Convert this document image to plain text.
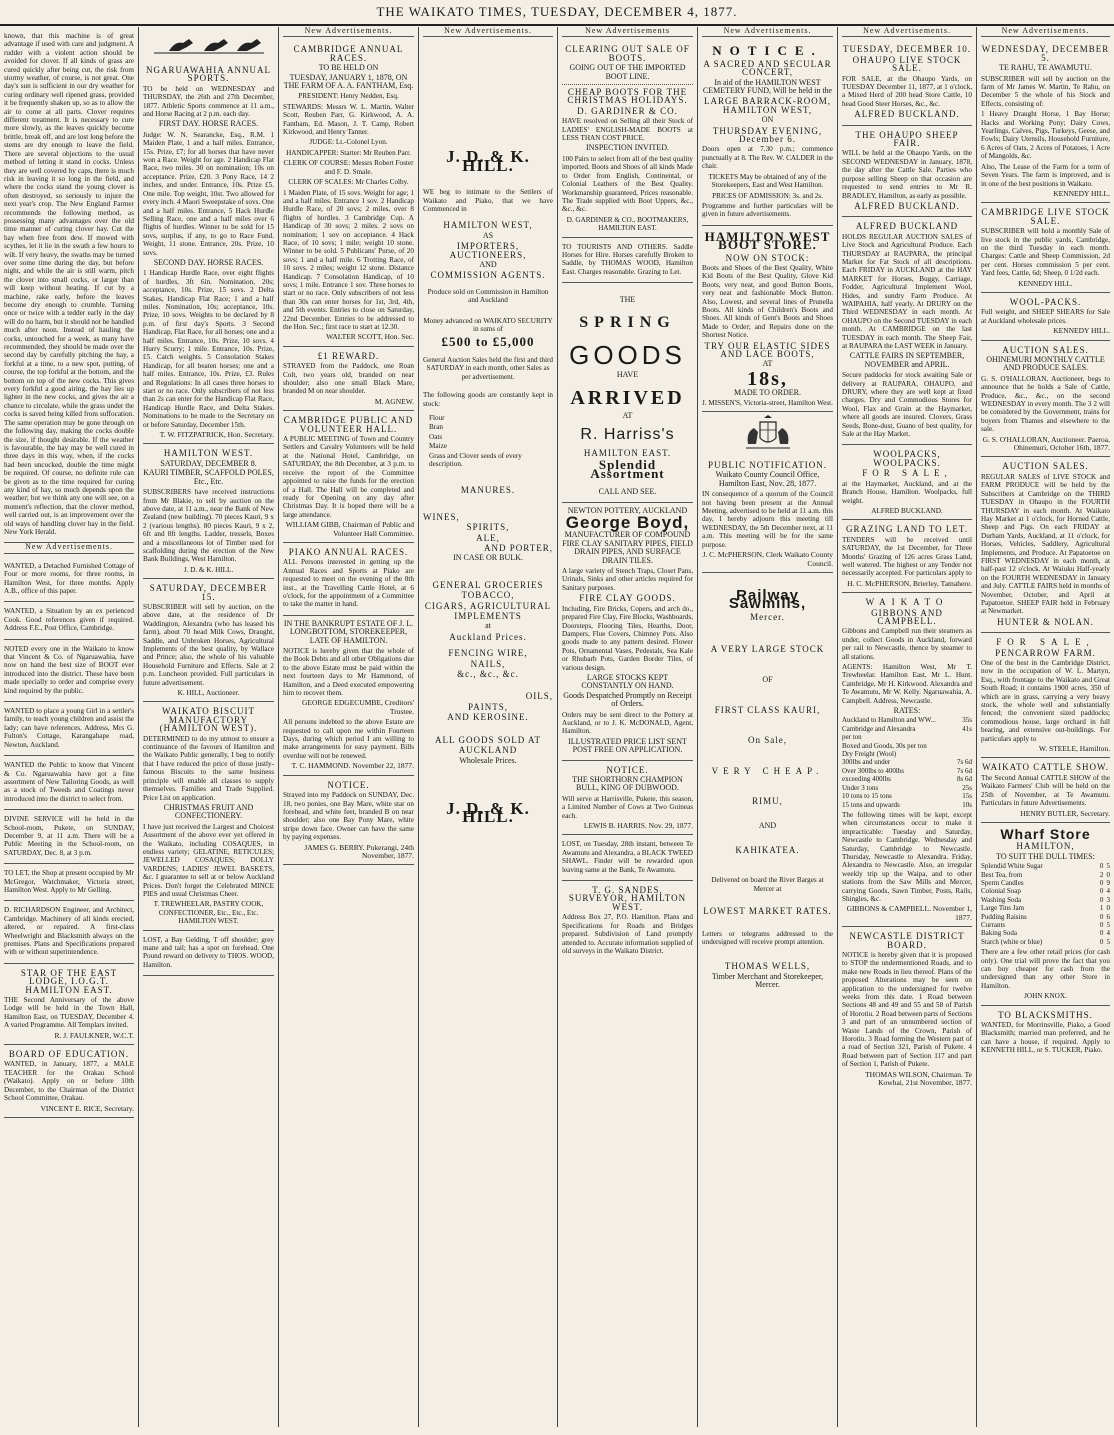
THE WAIKATO TIMES, TUESDAY, DECEMBER 4, 1877.

known, that this machine is of great advantage if used with care and judgment. A rudder with a violent action should be avoided for clover. If all kinds of grass are cured quickly after being cut, the risk from stormy weather, of course, is not great. One day's sun is sufficient in our dry weather for curing ordinary well ripened grass, provided it be frequently shaken up, so as to allow the air to come at all parts. Clover requires different treatment. It is necessary to cure more slowly, as the leaves quickly become brittle, break off, and are lost long before the stems are dry enough to leave the field. There are several objections to the usual method of letting it stand in cocks. Unless they are well covered by caps, there is much risk in leaving it so long in the field, and where the cocks stand the young clover is often destroyed, so seriously to injure the next year's crop. The New England Farmer recommends the following method, as possessing many advantages over the old time manner of curing clover hay. Cut the hay when free from dew. If mowed with scythes, let it lie in the swath a few hours to wilt. If very heavy, the swaths may be turned over some time during the day, but before night, and while the air is still warm, pitch the clover into small cocks, or larger than will keep without heating. If cut by a machine, rake early, before the leaves become dry enough to crumble. Turning once or twice with a tedder early in the day will do no harm, but it should not be handled much after noon. Instead of hauling the cocks, untouched for a week, as many have recommended, they should be made over the second day by carefully pitching the hay, a forkful at a time, to a new spot, putting, of course, the top forkful at the bottom, and the bottom on top of the new cocks. This gives every forkful a good airing, the hay lies up lighter in the new cocks, and gives the air a chance to circulate, while the grass under the cocks is saved being killed from suffocation. The same operation may be gone through on the following day, making the cocks double the size, if thought desirable. If the weather is favourable, the hay may be well cured in three days in this way, when, if the cocks had been uncocked, double the time might be required. Of course, no definite rule can be given as to the time required for curing any kind of hay, so much depends upon the weather; but we think any one will see, on a moment's reflection, that the clover method, well carried out, is an improvement over the old ways of handling clover hay in the field. New York Herald.

New Advertisements.

WANTED, a Detached Furnished Cottage of Four or more rooms, for three rooms, in Hamilton West, for three months. Apply A.B., office of this paper.

WANTED, a Situation by an ex perienced Cook. Good references given if required. Address F.E., Post Office, Cambridge.

NOTED every one in the Waikato to know that Vincent & Co. of Ngaruawahia, have now on hand the best size of BOOT ever introduced into the district. These have been made specially to order and comprise every kind required by the public.

WANTED to place a young Girl in a settler's family, to teach young children and assist the lady; can have references. Address, Mrs G. Fulton's Cottage, Karangahape road, Newton, Auckland.

WANTED the Public to know that Vincent & Co. Ngaruawahia have got a fine assortment of New Tailoring Goods, as well as a stock of Tweeds and Coatings never introduced into the district to select from.

DIVINE SERVICE will be held in the School-room, Pukete, on SUNDAY, December 9, at 11 a.m. There will be a Public Meeting in the School-room, on SATURDAY, Dec. 8, at 3 p.m.

TO LET, the Shop at present occupied by Mr McGregor, Watchmaker, Victoria street, Hamilton West. Apply to Mr Gelling.

D. RICHARDSON Engineer, and Architect, Cambridge. Machinery of all kinds erected, altered, or repaired. A first-class Wheelwright and Blacksmith always on the premises. Plans and Specifications prepared with or without superintendence.

STAR OF THE EAST LODGE, I.O.G.T. HAMILTON EAST.

THE Second Anniversary of the above Lodge will be held in the Town Hall, Hamilton East, on TUESDAY, December 4. A varied Programme. All Templars invited.

R. J. FAULKNER, W.C.T.
BOARD OF EDUCATION.

WANTED, in January, 1877, a MALE TEACHER for the Orakau School (Waikato). Apply on or before 10th December, to the Chairman of the District School Committee, Orakau.

VINCENT E. RICE, Secretary.
NGARUAWAHIA ANNUAL SPORTS.

TO be held on WEDNESDAY and THURSDAY, the 26th and 27th December, 1877. Athletic Sports commence at 11 a.m., and Horse Racing at 2 p.m. each day.

FIRST DAY. HORSE RACES.

Judge: W. N. Searancke, Esq., R.M. 1 Maiden Plate, 1 and a half miles. Entrance, 15s. Prize, £7; for all horses that have never won a Race. Weight for age. 2 Handicap Flat Race, two miles. 30 on nomination; 10s on acceptance. Prize, £20. 3 Pony Race, 14 2 inches, and under. Entrance, 10s. Prize £5. One mile. Top weight, 10st. Two allowed for every inch. 4 Maori Sweepstake of sovs. One and a half miles. Entrance, 5 Hack Hurdle Selling Race, one and a half miles over 6 flights of hurdles. Winner to be sold for 15 sovs, surplus, if any, to go to Race Fund. Weight, 11 stone. Entrance, 20s. Prize, 10 sovs.

SECOND DAY. HORSE RACES.

1 Handicap Hurdle Race, over eight flights of hurdles, 3ft 6in. Nomination, 20s; acceptance, 10s. Prize, 15 sovs. 2 Delta Stakes, Handicap Flat Race; 1 and a half miles. Nomination, 10s; acceptance, 10s. Prize, 10 sovs. Weights to be declared by 8 p.m. of first day's Sports. 3 Second Handicap, Flat Race, for all horses; one and a half miles. Entrance, 10s. Prize, 10 sovs. 4 Hurry Scurry; 1 mile. Entrance, 10s. Prize, £5. Catch weights. 5 Consolation Stakes Handicap, for all beaten horses; one and a half miles. Entrance, 10s. Prize, £3. Rules and Regulations: In all cases three horses to start or no race. Only subscribers of not less than 2s can enter for the Handicap Flat Race, Handicap Hurdle Race, and Delta Stakes. Nominations to be made to the Secretary on or before Saturday, December 15th.

T. W. FITZPATRICK, Hon. Secretary.
HAMILTON WEST.
SATURDAY, DECEMBER 8.
KAURI TIMBER, SCAFFOLD POLES, Etc., Etc.

SUBSCRIBERS have received instructions from Mr Blakie, to sell by auction on the above date, at 11 a.m., near the Bank of New Zealand (new building). 70 pieces Kauri, 9 x 2 (various lengths). 80 pieces Kauri, 9 x 2, 6ft and 8ft lengths. Ladder, tressels, Boxes and a miscellaneous lot of Timber used for scaffolding during the erection of the New Bank Buildings, West Hamilton.

J. D. & K. HILL.
SATURDAY, DECEMBER 15.

SUBSCRIBER will sell by auction, on the above date, at the residence of Dr Waddington, Alexandra (who has leased his farm), about 70 head Milk Cows, Draught, Saddle, and Unbroken Horses, Agricultural Implements of the best quality, by Wallace and Prince; also, the whole of his valuable Household Furniture and Effects. Sale at 2 p.m. Luncheon provided. Full particulars in future advertisement.

K. HILL, Auctioneer.
WAIKATO BISCUIT MANUFACTORY (HAMILTON WEST).

DETERMINED to do my utmost to ensure a continuance of the favours of Hamilton and the Waikato Public generally, I beg to notify that I have reduced the price of those justly-famous Biscuits to the same business principle will enable all classes to supply themselves. Families and Trade Supplied. Price List on application.

CHRISTMAS FRUIT AND CONFECTIONERY.

I have just received the Largest and Choicest Assortment of the above ever yet offered in the Waikato, including COSAQUES, in endless variety; GELATINE, RETICULES; JEWELLED COSAQUES; DOLLY VARDENS; LADIES' JEWEL BASKETS, &c. I guarantee to sell at or below Auckland Prices. Don't forget the Celebrated MINCE PIES and usual Christmas Cheer.

T. TREWHEELAR, PASTRY COOK, CONFECTIONER, Etc., Etc., Etc. HAMILTON WEST.

LOST, a Bay Gelding, T off shoulder; grey mane and tail; has a spot on forehead. One Pound reward on delivery to THOS. WOOD, Hamilton.

New Advertisements.
CAMBRIDGE ANNUAL RACES.
TO BE HELD ON
TUESDAY, JANUARY 1, 1878, ON THE FARM OF A. A. FANTHAM, Esq.

PRESIDENT: Henry Nedden, Esq.

STEWARDS: Messrs W. L. Martin, Walter Scott, Reuben Parr, G. Kirkwood, A. A. Fantham, Ed. Mason, J. T. Camp, Robert Kirkwood, and Henry Tanner.

JUDGE: Lt.-Colonel Lyon.

HANDICAPPER: Starter: Mr Reuben Parr.

CLERK OF COURSE: Messrs Robert Foster and F. D. Smale.

CLERK OF SCALES: Mr Charles Colby.

1 Maiden Plate, of 15 sovs. Weight for age; 1 and a half miles. Entrance 1 sov. 2 Handicap Hurdle Race, of 20 sovs; 2 miles, over 8 flights of hurdles. 3 Cambridge Cup. A Handicap of 30 sovs; 2 miles. 2 sovs on nomination; 1 sov on acceptance. 4 Hack Race, of 10 sovs; 1 mile; weight 10 stone. Winner to be sold. 5 Publicans' Purse, of 20 sovs; 1 and a half mile. 6 Trotting Race, of 10 sovs. 2 miles; weight 12 stone. Distance Handicap. 7 Consolation Handicap, of 10 sovs; 1 mile. Entrance 1 sov. Three horses to start or no race. Only subscribers of not less than 30s can enter horses for 1st, 3rd, 4th, and 5th events. Entries to close on Saturday, 22nd December. Entries to be addressed to the Hon. Sec.; first race to start at 12.30.

WALTER SCOTT, Hon. Sec.
£1 REWARD.

STRAYED from the Paddock, one Roan Colt, two years old, branded on near shoulder; also one small Black Mare, branded M on near shoulder.

M. AGNEW.
CAMBRIDGE PUBLIC AND VOLUNTEER HALL.

A PUBLIC MEETING of Town and Country Settlers and Cavalry Volunteers will be held at the National Hotel, Cambridge, on SATURDAY, the 8th December, at 3 p.m. to receive the report of the Committee appointed to raise the funds for the erection of a Hall. The Hall will be completed and ready for Opening on any day after Christmas Day. It is hoped there will be a large attendance.

WILLIAM GIBB, Chairman of Public and Volunteer Hall Committee.
PIAKO ANNUAL RACES.

ALL Persons interested in getting up the Annual Races and Sports at Piako are requested to meet on the evening of the 8th inst., at the Travelling Cattle Hotel, at 6 o'clock, for the appointment of a Committee to take the matter in hand.

IN THE BANKRUPT ESTATE OF J. L. LONGBOTTOM, STOREKEEPER, LATE OF HAMILTON.

NOTICE is hereby given that the whole of the Book Debts and all other Obligations due to the above Estate must be paid within the next fourteen days to Mr Hammond, of Hamilton, and a Deed executed empowering him to recover them.

GEORGE EDGECUMBE, Creditors' Trustee.

All persons indebted to the above Estate are requested to call upon me within Fourteen Days, during which period I am willing to make arrangements for easy payment. Bills overdue will not be renewed.

T. C. HAMMOND. November 22, 1877.
NOTICE.

Strayed into my Paddock on SUNDAY, Dec. 18, two ponies, one Bay Mare, white star on forehead, and white feet, branded B on near shoulder; also one Bay Pony Mare, white stripe down face. Owner can have the same by paying expenses.

JAMES G. BERRY. Pukerangi, 24th November, 1877.
New Advertisements.
J. D. & K. HILL.

WE beg to intimate to the Settlers of Waikato and Piako, that we have Commenced in

HAMILTON WEST,
AS
IMPORTERS, AUCTIONEERS,
AND
COMMISSION AGENTS.

Produce sold on Commission in Hamilton and Auckland

Money advanced on WAIKATO SECURITY in sums of

£500 to £5,000

General Auction Sales held the first and third SATURDAY in each month, other Sales as per advertisement.

The following goods are constantly kept in stock:

Flour
Bran
Oats
Maize
Grass and Clover seeds of every description.
MANURES.
WINES,
SPIRITS,
ALE,
AND PORTER,
IN CASE OR BULK.
GENERAL GROCERIES
TOBACCO,
CIGARS, AGRICULTURAL
IMPLEMENTS
at
Auckland Prices.
FENCING WIRE,
NAILS,
&c., &c., &c.
OILS,
PAINTS,
AND KEROSINE.
ALL GOODS SOLD AT
AUCKLAND
Wholesale Prices.
J. D. & K. HILL.
New Advertisements
CLEARING OUT SALE OF BOOTS.
GOING OUT OF THE IMPORTED BOOT LINE.
CHEAP BOOTS FOR THE CHRISTMAS HOLIDAYS.
D. GARDINER & CO.

HAVE resolved on Selling all their Stock of LADIES' ENGLISH-MADE BOOTS at LESS THAN COST PRICE.

INSPECTION INVITED.

100 Pairs to select from all of the best quality imported. Boots and Shoes of all kinds Made to Order from English, Continental, or Colonial Leathers of the Best Quality. Workmanship guaranteed, Prices reasonable. The Trade supplied with Boot Uppers, &c., &c., &c.

D. GARDINER & CO., BOOTMAKERS, HAMILTON EAST.

TO TOURISTS AND OTHERS. Saddle Horses for Hire. Horses carefully Broken to Saddle, by THOMAS WOOD, Hamilton East. Charges reasonable. Grazing to Let.

THE
SPRING
GOODS
HAVE
ARRIVED
AT
R. Harriss's
HAMILTON EAST.
Splendid Assortment
CALL AND SEE.
NEWTON POTTERY, AUCKLAND
George Boyd,
MANUFACTURER OF COMPOUND FIRE CLAY SANITARY PIPES, FIELD DRAIN PIPES, AND SURFACE DRAIN TILES.

A large variety of Stench Traps, Closet Pans, Urinals, Sinks and other articles required for Sanitary purposes.

FIRE CLAY GOODS.

Including, Fire Bricks, Copers, and arch do., prepared Fire Clay, Fire Blocks, Washboards, Doorsteps, Flooring Tiles, Hearths, Door, Dampers, Flue Covers, Chimney Pots. Also goods made to any pattern desired. Flower Pots, Ornamental Vases, Pedestals, Sea Kale or Rhubarb Pots, Garden Border Tiles, of various design.

LARGE STOCKS KEPT CONSTANTLY ON HAND.
Goods Despatched Promptly on Receipt of Orders.

Orders may be sent direct to the Pottery at Auckland, or to J. K. McDONALD, Agent, Hamilton.

ILLUSTRATED PRICE LIST SENT POST FREE ON APPLICATION.
NOTICE.
THE SHORTHORN CHAMPION BULL, KING OF DUBWOOD.

Will serve at Harrisville, Pukete, this season, a Limited Number of Cows at Two Guineas each.

LEWIS B. HARRIS. Nov. 29, 1877.

LOST, on Tuesday, 28th instant, between Te Awamutu and Alexandra, a BLACK TWEED SHAWL. Finder will be rewarded upon leaving same at the Bank, Te Awamutu.

T. G. SANDES, SURVEYOR, HAMILTON WEST.

Address Box 27, P.O. Hamilton. Plans and Specifications for Roads and Bridges prepared. Subdivision of Land promptly attended to. Accurate information supplied of old surveys in the Waikato District.

New Advertisements.
NOTICE.
A SACRED AND SECULAR CONCERT,
In aid of the HAMILTON WEST CEMETERY FUND, Will be held in the
LARGE BARRACK-ROOM, HAMILTON WEST,
ON
THURSDAY EVENING, December 6.

Doors open at 7.30 p.m.; commence punctually at 8. The Rev. W. CALDER in the chair.

TICKETS May be obtained of any of the Storekeepers, East and West Hamilton.

PRICES OF ADMISSION: 3s. and 2s.

Programme and further particulars will be given in future advertisements.

HAMILTON WEST BOOT STORE.
NOW ON STOCK:

Boots and Shoes of the Best Quality, White Kid Boots of the Best Quality, Glove Kid Boots, very neat, and good Button Boots, very neat and fashionable Mock Button. Also, Lowest, and several lines of Prunella Boots. All kinds of Children's Boots and Shoes. All kinds of Gent's Boots and Shoes Made to Order; and Repairs done on the Shortest Notice.

TRY OUR ELASTIC SIDES AND LACE BOOTS,
AT
18s,
MADE TO ORDER.
J. MISSEN'S, Victoria-street, Hamilton West.
PUBLIC NOTIFICATION.
Waikato County Council Office, Hamilton East, Nov. 28, 1877.

IN consequence of a quorum of the Council not having been present at the Annual Meeting, advertised to be held at 11 a.m. this day, I hereby adjourn this meeting till WEDNESDAY, the 5th December next, at 11 a.m. This meeting will be for the same purpose.

J. C. McPHERSON, Clerk Waikato County Council.
Railway Sawmills,
Mercer.
A VERY LARGE STOCK
OF
FIRST CLASS KAURI,
On Sale,
VERY CHEAP.
RIMU,
AND
KAHIKATEA.

Delivered on board the River Barges at Mercer at

LOWEST MARKET RATES.

Letters or telegrams addressed to the undersigned will receive prompt attention.

THOMAS WELLS,
Timber Merchant and Storekeeper, Mercer.
New Advertisements.
TUESDAY, DECEMBER 10.
OHAUPO LIVE STOCK SALE.

FOR SALE, at the Ohaupo Yards, on TUESDAY December 11, 1877, at 1 o'clock, a Mixed Herd of 200 head Store Cattle, 10 head Good Steer Horses, &c., &c.

ALFRED BUCKLAND.
THE OHAUPO SHEEP FAIR.

WILL be held at the Ohaupo Yards, on the SECOND WEDNESDAY in January, 1878, the day after the Cattle Sale. Parties who purpose selling Sheep on that occasion are requested to send entries to Mr R. BRADLEY, Hamilton, as early as possible.

ALFRED BUCKLAND.
ALFRED BUCKLAND

HOLDS REGULAR AUCTION SALES of Live Stock and Agricultural Produce. Each THURSDAY at RAUPARA, the principal Market for Fat Stock of all descriptions. Each FRIDAY in AUCKLAND at the HAY MARKET for Horses, Buggy, Carriage, Fodder, Agricultural Implement Wool, Hides, and sundry Farm Produce. At WAIPAHIA, half yearly. At DRURY on the Third WEDNESDAY in each month. At OHAUPO on the Second TUESDAY in each month. At CAMBRIDGE on the last TUESDAY in each month. The Sheep Fair, at RAUPARA the LAST WEEK in January.

CATTLE FAIRS IN SEPTEMBER, NOVEMBER and APRIL.

Secure paddocks for stock awaiting Sale or delivery at RAUPARA, OHAUPO, and DRURY, where they are well kept at fixed charges. Dry and Commodious Stores for Wool, Flax and Grain at the Haymarket, where all goods are insured. Clovers, Grass Seeds, Bone-dust, Guano of best quality, for Sale at the Hay Market.

WOOLPACKS, WOOLPACKS.
FOR SALE,

at the Haymarket, Auckland, and at the Branch House, Hamilton. Woolpacks, full weight.

ALFRED BUCKLAND.
GRAZING LAND TO LET.

TENDERS will be received until SATURDAY, the 1st December, for Three Months' Grazing of 126 acres Grass Land, well watered. The highest or any Tender not necessarily accepted. For particulars apply to

H. C. McPHERSON, Brierley, Tamahere.
WAIKATO
GIBBONS AND CAMPBELL.

Gibbons and Campbell run their steamers as under, collect Goods in Auckland, forward per rail to Newcastle, thence by steamer to all stations.

AGENTS: Hamilton West, Mr T. Trewheelar. Hamilton East, Mr L. Hunt. Cambridge, Mr H. Kirkwood. Alexandra and Te Awamutu, Mr W. Kelly. Ngaruawahia, A. Campbell. Address, Newcastle.

RATES:
Auckland to Hamilton and WW...	35s
Cambridge and Alexandra	41s
per ton	
Boxed and Goods, 30s per ton	
Dry Freight (Wool)	
300lbs and under	7s 6d
Over 300lbs to 400lbs	7s 6d
exceeding 400lbs	8s 6d
Under 3 tons	25s
10 tons to 15 tons	15s
15 tons and upwards	10s

The following times will be kept, except when circumstances occur to make it impracticable: Tuesday and Saturday, Newcastle to Cambridge. Wednesday and Saturday, Cambridge to Newcastle. Thursday, Newcastle to Alexandra. Friday, Alexandra to Newcastle. Also, an irregular weekly trip up the Waipa, and to other stations from the Saw Mills and Mercer, carrying Goods, Sawn Timber, Posts, Rails, Shingles, &c.

GIBBONS & CAMPBELL. November 1, 1877.
NEWCASTLE DISTRICT BOARD.

NOTICE is hereby given that it is proposed to STOP the undermentioned Roads, and to make new Roads in lieu thereof. Plans of the proposed Alterations may be seen on application to the undersigned for twelve weeks from this date. 1 Road between Sections 48 and 49 and 55 and 58 of Parish of Horotiu. 2 Road between parts of Sections 3 and part of an unnumbered section of Waste Lands of the Crown, Parish of Horotiu. 3 Road forming the Western part of a road of Section 321, Parish of Pukete. 4 Road between part of Section 117 and part of Section 1, Parish of Pukete.

THOMAS WILSON, Chairman. Te Kowhai, 21st November, 1877.
New Advertisements.
WEDNESDAY, DECEMBER 5.
TE RAHU, TE AWAMUTU.

SUBSCRIBER will sell by auction on the farm of Mr James W. Martin, Te Rahu, on December 5 the whole of his Stock and Effects, consisting of:

1 Heavy Draught Horse, 1 Bay Horse; Hacks and Working Pony; Dairy Cows, Yearlings, Calves, Pigs, Turkeys, Geese, and Fowls; Dairy Utensils, Household Furniture, 6 Acres of Oats, 2 Acres of Potatoes, 1 Acre of Mangolds, &c.

Also, The Lease of the Farm for a term of Seven Years. The farm is improved, and is in one of the best positions in Waikato.

KENNEDY HILL.
CAMBRIDGE LIVE STOCK SALE.

SUBSCRIBER will hold a monthly Sale of live stock in the public yards, Cambridge, on the third Tuesday in each month. Charges: Cattle and Sheep Commission, 2d per cent. Horses commission 5 per cent. Yard fees, Cattle, 6d; Sheep, 0 1/2d each.

KENNEDY HILL.
WOOL-PACKS.

Full weight, and SHEEP SHEARS for Sale at Auckland wholesale prices.

KENNEDY HILL.
AUCTION SALES.
OHINEMURI MONTHLY CATTLE AND PRODUCE SALES.

G. S. O'HALLORAN, Auctioneer, begs to announce that he holds a Sale of Cattle, Produce, &c., &c., on the second WEDNESDAY in every month. The 3 2 will be considered by the Government, trains for buyers from Thames and elsewhere to the sale.

G. S. O'HALLORAN, Auctioneer. Paeroa, Ohinemuri, October 16th, 1877.
AUCTION SALES.

REGULAR SALES of LIVE STOCK and FARM PRODUCE will be held by the Subscribers at Cambridge on the THIRD TUESDAY in Ohaupo in the FOURTH THURSDAY in each month. At Waikato Hay Market at 1 o'clock, for Horned Cattle, Sheep and Pigs. On each FRIDAY at Durham Yards, Auckland, at 11 o'clock, for Horses, Vehicles, Saddlery, Agricultural Implements, and Produce. At Papatoetoe on FIRST WEDNESDAY in each month, at half-past 12 o'clock. At Waiuku Half-yearly on the FOURTH WEDNESDAY in January and July. CATTLE FAIRS held in months of November, October, and April at Papatoetoe. SHEEP FAIR held in February at Newmarket.

HUNTER & NOLAN.
FOR SALE,
PENCARROW FARM.

One of the best in the Cambridge District, now in the occupation of W. L. Martyn, Esq., with frontage to the Waikato and Great South Road; it contains 1900 acres, 350 of which are in grass, carrying a very heavy stock, the whole well and substantially fenced; the convenient sized paddocks; commodious house, large orchard in full bearing, and extensive out-buildings. For particulars apply to

W. STEELE, Hamilton.
WAIKATO CATTLE SHOW.

The Second Annual CATTLE SHOW of the Waikato Farmers' Club will be held on the 25th of November, at Te Awamutu. Particulars in future Advertisements.

HENRY BUTLER, Secretary.
Wharf Store
HAMILTON,
TO SUIT THE DULL TIMES:
Splendid White Sugar	0	5
Best Tea, from	2	0
Sperm Candles	0	9
Colonial Soap	0	4
Washing Soda	0	3
Large Tins Jam	1	0
Pudding Raisins	0	6
Currants	0	5
Baking Soda	0	4
Starch (white or blue)	0	5

There are a few other retail prices (for cash only). One trial will prove the fact that you can buy cheaper for cash from the undersigned than any other Store in Hamilton.

JOHN KNOX.
TO BLACKSMITHS.

WANTED, for Morrinsville, Piako, a Good Blacksmith; married man preferred, and he can have a house, if required. Apply to KENNETH HILL, or S. TUCKER, Piako.
